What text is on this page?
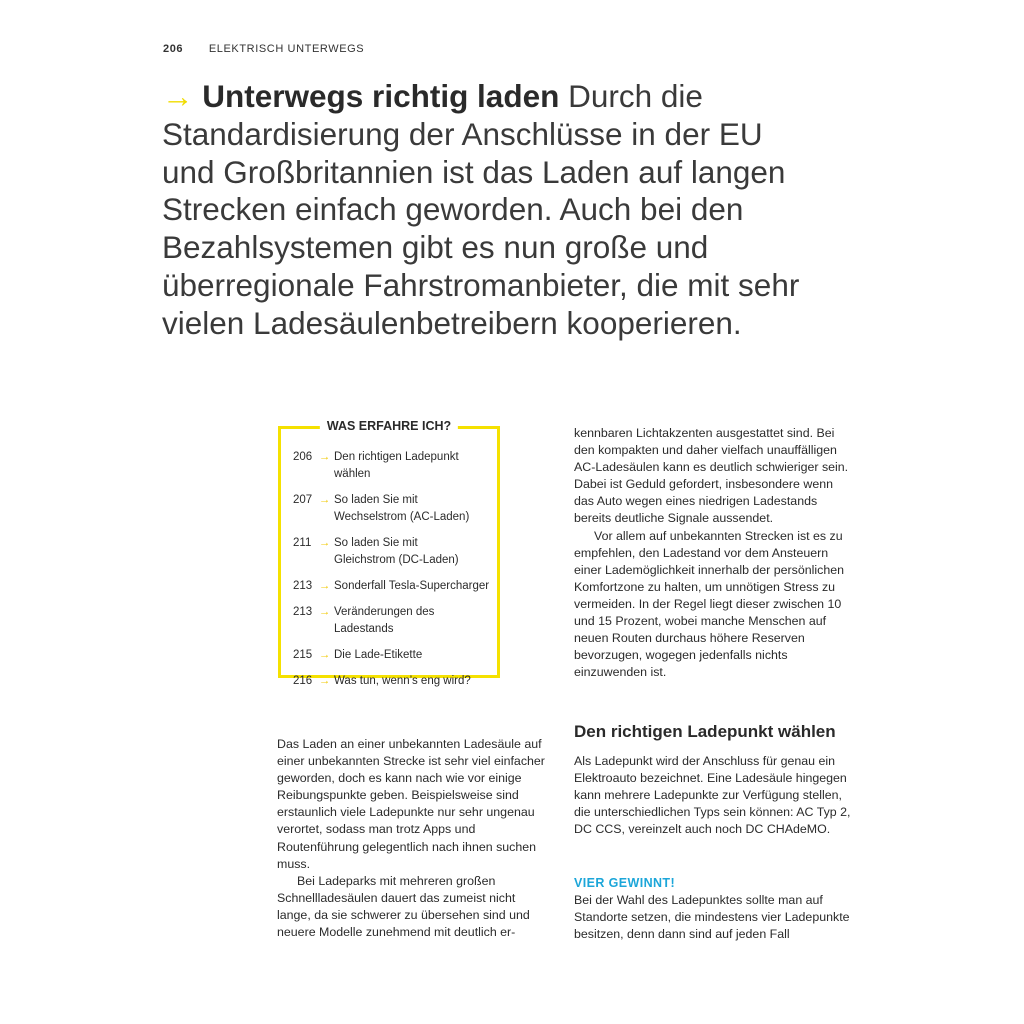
206 ELEKTRISCH UNTERWEGS
→ Unterwegs richtig laden Durch die Standardisierung der Anschlüsse in der EU und Großbritannien ist das Laden auf langen Strecken einfach geworden. Auch bei den Bezahlsystemen gibt es nun große und überregionale Fahrstromanbieter, die mit sehr vielen Ladesäulenbetreibern kooperieren.
WAS ERFAHRE ICH?
206 → Den richtigen Ladepunkt wählen
207 → So laden Sie mit Wechselstrom (AC-Laden)
211 → So laden Sie mit Gleichstrom (DC-Laden)
213 → Sonderfall Tesla-Supercharger
213 → Veränderungen des Ladestands
215 → Die Lade-Etikette
216 → Was tun, wenn’s eng wird?

Das Laden an einer unbekannten Ladesäule auf einer unbekannten Strecke ist sehr viel einfacher geworden, doch es kann nach wie vor einige Reibungspunkte geben. Beispielsweise sind erstaunlich viele Ladepunkte nur sehr ungenau verortet, sodass man trotz Apps und Routenführung gelegentlich nach ihnen suchen muss.

Bei Ladeparks mit mehreren großen Schnellladesäulen dauert das zumeist nicht lange, da sie schwerer zu übersehen sind und neuere Modelle zunehmend mit deutlich er-

kennbaren Lichtakzenten ausgestattet sind. Bei den kompakten und daher vielfach unauffälligen AC-Ladesäulen kann es deutlich schwieriger sein. Dabei ist Geduld gefordert, insbesondere wenn das Auto wegen eines niedrigen Ladestands bereits deutliche Signale aussendet.

Vor allem auf unbekannten Strecken ist es zu empfehlen, den Ladestand vor dem Ansteuern einer Lademöglichkeit innerhalb der persönlichen Komfortzone zu halten, um unnötigen Stress zu vermeiden. In der Regel liegt dieser zwischen 10 und 15 Prozent, wobei manche Menschen auf neuen Routen durchaus höhere Reserven bevorzugen, wogegen jedenfalls nichts einzuwenden ist.

Den richtigen Ladepunkt wählen

Als Ladepunkt wird der Anschluss für genau ein Elektroauto bezeichnet. Eine Ladesäule hingegen kann mehrere Ladepunkte zur Verfügung stellen, die unterschiedlichen Typs sein können: AC Typ 2, DC CCS, vereinzelt auch noch DC CHAdeMO.

VIER GEWINNT!

Bei der Wahl des Ladepunktes sollte man auf Standorte setzen, die mindestens vier Ladepunkte besitzen, denn dann sind auf jeden Fall
